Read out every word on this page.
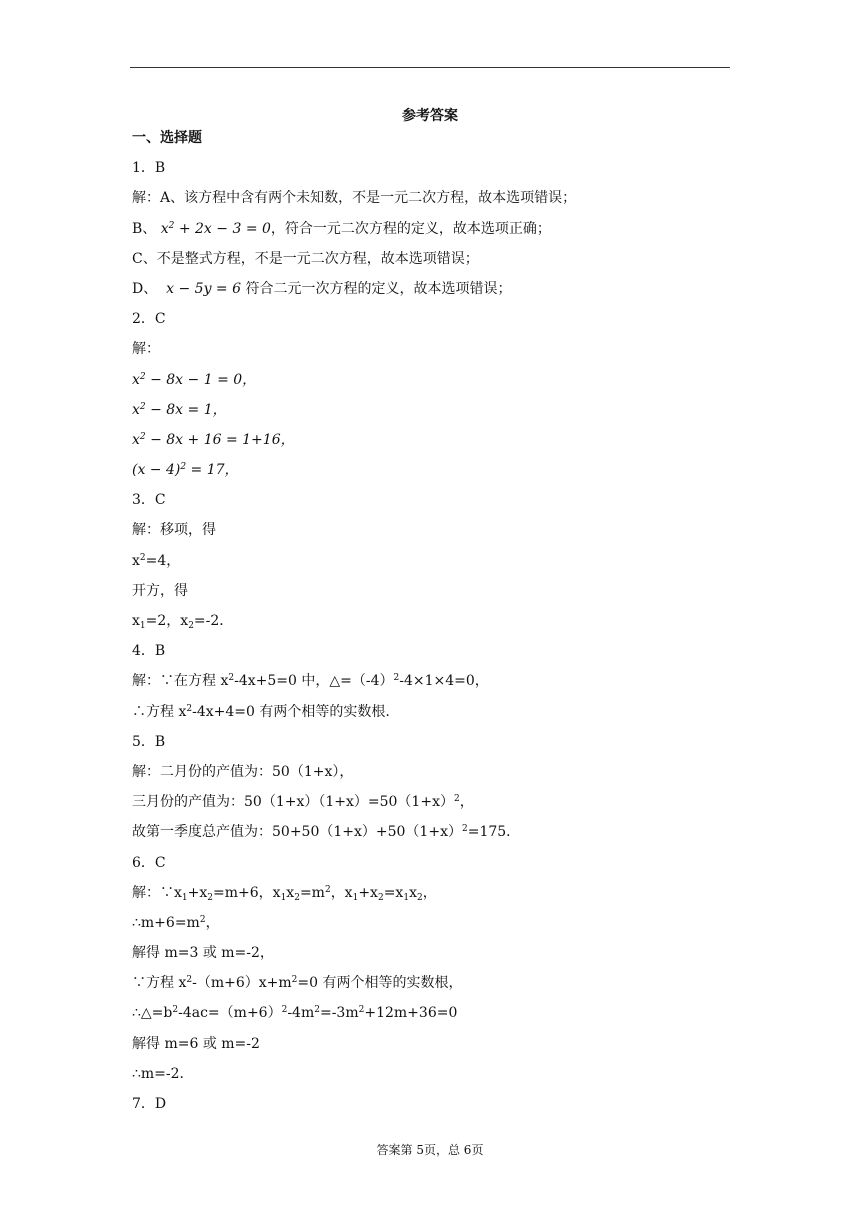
参考答案
一、选择题
1．B
解：A、该方程中含有两个未知数，不是一元二次方程，故本选项错误；
B、 $x^2 + 2x - 3 = 0$，符合一元二次方程的定义，故本选项正确；
C、不是整式方程，不是一元二次方程，故本选项错误；
D、 x − 5y = 6 符合二元一次方程的定义，故本选项错误；
2．C
解：
$x^2 - 8x - 1 = 0$，
$x^2 - 8x = 1$，
$x^2 - 8x + 16 = 1+16$，
$(x - 4)^2 = 17$，
3．C
解：移项，得
$x^2=4$，
开方，得
$x_1=2$，$x_2=-2$．
4．B
解：∵在方程 $x^2-4x+5=0$ 中，$\triangle=(-4)^2-4\times 1\times 4=0$，
∴方程 $x^2-4x+4=0$ 有两个相等的实数根.
5．B
解：二月份的产值为：50（1+x），
三月份的产值为：$50(1+x)(1+x)=50(1+x)^2$，
故第一季度总产值为：$50+50(1+x)+50(1+x)^2=175$．
6．C
解：$\because x_1+x_2=m+6$，$x_1x_2=m^2$，$x_1+x_2=x_1x_2$，
$\therefore m+6=m^2$，
解得 m=3 或 m=-2，
∵方程 $x^2-(m+6)x+m^2=0$ 有两个相等的实数根，
$\therefore\triangle=b^2-4ac=(m+6)^2-4m^2=-3m^2+12m+36=0$
解得 m=6 或 m=-2
∴m=-2．
7．D
答案第 5页，总 6页
